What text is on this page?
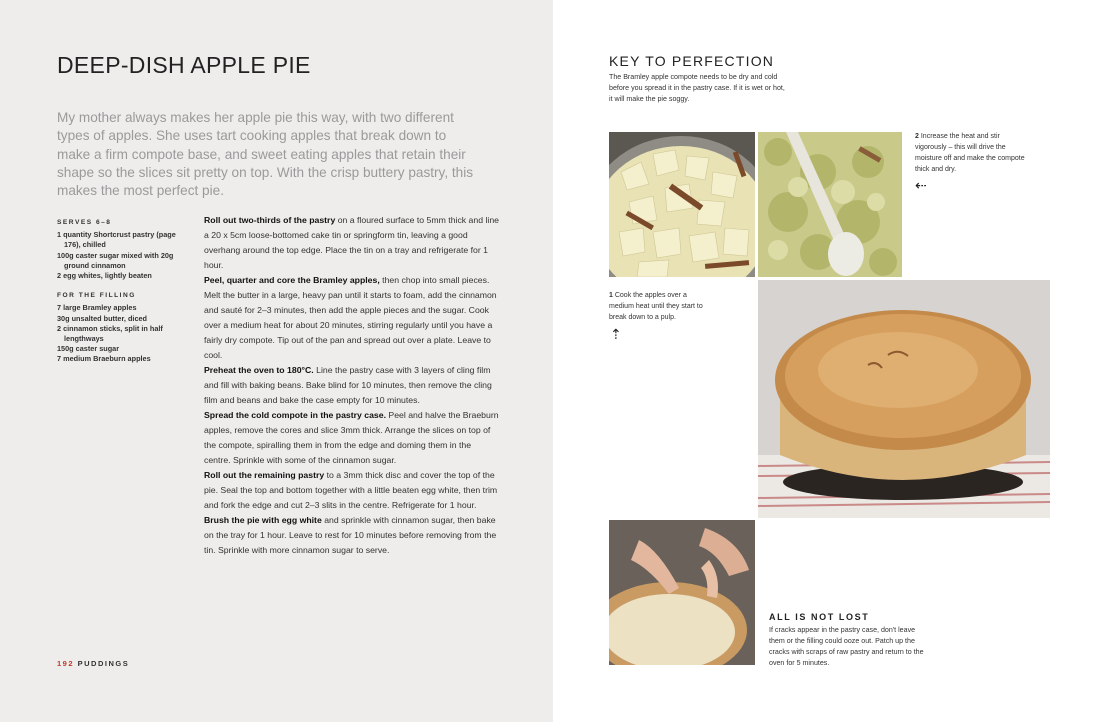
DEEP-DISH APPLE PIE
My mother always makes her apple pie this way, with two different types of apples. She uses tart cooking apples that break down to make a firm compote base, and sweet eating apples that retain their shape so the slices sit pretty on top. With the crisp buttery pastry, this makes the most perfect pie.
SERVES 6–8
1 quantity Shortcrust pastry (page 176), chilled
100g caster sugar mixed with 20g ground cinnamon
2 egg whites, lightly beaten
FOR THE FILLING
7 large Bramley apples
30g unsalted butter, diced
2 cinnamon sticks, split in half lengthways
150g caster sugar
7 medium Braeburn apples

Roll out two-thirds of the pastry on a floured surface to 5mm thick and line a 20 x 5cm loose-bottomed cake tin or springform tin, leaving a good overhang around the top edge. Place the tin on a tray and refrigerate for 1 hour.

Peel, quarter and core the Bramley apples, then chop into small pieces. Melt the butter in a large, heavy pan until it starts to foam, add the cinnamon and sauté for 2–3 minutes, then add the apple pieces and the sugar. Cook over a medium heat for about 20 minutes, stirring regularly until you have a fairly dry compote. Tip out of the pan and spread out over a plate. Leave to cool.

Preheat the oven to 180°C. Line the pastry case with 3 layers of cling film and fill with baking beans. Bake blind for 10 minutes, then remove the cling film and beans and bake the case empty for 10 minutes.

Spread the cold compote in the pastry case. Peel and halve the Braeburn apples, remove the cores and slice 3mm thick. Arrange the slices on top of the compote, spiralling them in from the edge and doming them in the centre. Sprinkle with some of the cinnamon sugar.

Roll out the remaining pastry to a 3mm thick disc and cover the top of the pie. Seal the top and bottom together with a little beaten egg white, then trim and fork the edge and cut 2–3 slits in the centre. Refrigerate for 1 hour.

Brush the pie with egg white and sprinkle with cinnamon sugar, then bake on the tray for 1 hour. Leave to rest for 10 minutes before removing from the tin. Sprinkle with more cinnamon sugar to serve.

192 PUDDINGS
KEY TO PERFECTION
The Bramley apple compote needs to be dry and cold before you spread it in the pastry case. If it is wet or hot, it will make the pie soggy.
2 Increase the heat and stir vigorously – this will drive the moisture off and make the compote thick and dry.
⇠
1 Cook the apples over a medium heat until they start to break down to a pulp.
⇡
ALL IS NOT LOST
If cracks appear in the pastry case, don't leave them or the filling could ooze out. Patch up the cracks with scraps of raw pastry and return to the oven for 5 minutes.
